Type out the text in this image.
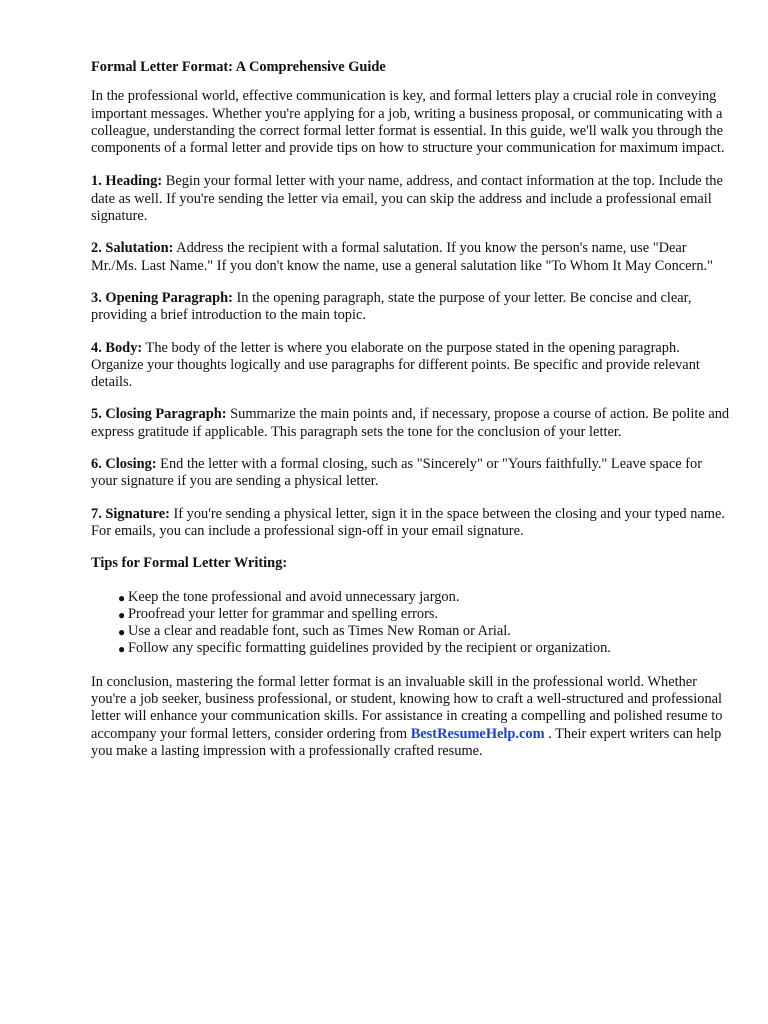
Formal Letter Format: A Comprehensive Guide

In the professional world, effective communication is key, and formal letters play a crucial role in conveying important messages. Whether you're applying for a job, writing a business proposal, or communicating with a colleague, understanding the correct formal letter format is essential. In this guide, we'll walk you through the components of a formal letter and provide tips on how to structure your communication for maximum impact.

1. Heading: Begin your formal letter with your name, address, and contact information at the top. Include the date as well. If you're sending the letter via email, you can skip the address and include a professional email signature.

2. Salutation: Address the recipient with a formal salutation. If you know the person's name, use "Dear Mr./Ms. Last Name." If you don't know the name, use a general salutation like "To Whom It May Concern."

3. Opening Paragraph: In the opening paragraph, state the purpose of your letter. Be concise and clear, providing a brief introduction to the main topic.

4. Body: The body of the letter is where you elaborate on the purpose stated in the opening paragraph. Organize your thoughts logically and use paragraphs for different points. Be specific and provide relevant details.

5. Closing Paragraph: Summarize the main points and, if necessary, propose a course of action. Be polite and express gratitude if applicable. This paragraph sets the tone for the conclusion of your letter.

6. Closing: End the letter with a formal closing, such as "Sincerely" or "Yours faithfully." Leave space for your signature if you are sending a physical letter.

7. Signature: If you're sending a physical letter, sign it in the space between the closing and your typed name. For emails, you can include a professional sign-off in your email signature.

Tips for Formal Letter Writing:
● Keep the tone professional and avoid unnecessary jargon.
● Proofread your letter for grammar and spelling errors.
● Use a clear and readable font, such as Times New Roman or Arial.
● Follow any specific formatting guidelines provided by the recipient or organization.

In conclusion, mastering the formal letter format is an invaluable skill in the professional world. Whether you're a job seeker, business professional, or student, knowing how to craft a well-structured and professional letter will enhance your communication skills. For assistance in creating a compelling and polished resume to accompany your formal letters, consider ordering from BestResumeHelp.com . Their expert writers can help you make a lasting impression with a professionally crafted resume.
